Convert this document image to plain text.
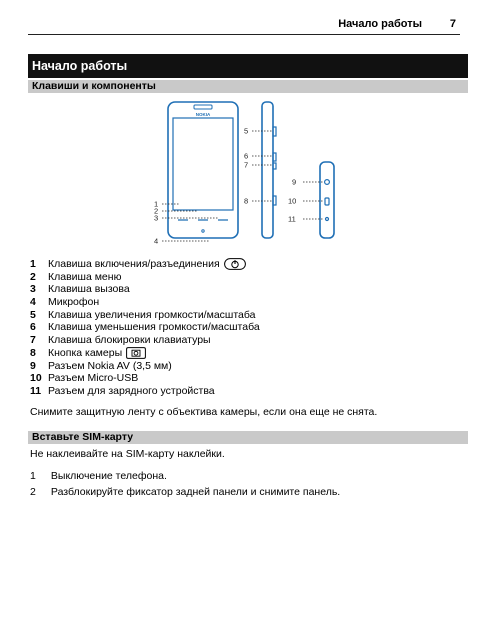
Начало работы	7
Начало работы
Клавиши и компоненты
NOKIA
1
2
3
4
5
6
7
8
9
10
11
1	Клавиша включения/разъединения
2	Клавиша меню
3	Клавиша вызова
4	Микрофон
5	Клавиша увеличения громкости/масштаба
6	Клавиша уменьшения громкости/масштаба
7	Клавиша блокировки клавиатуры
8	Кнопка камеры
9	Разъем Nokia AV (3,5 мм)
10 Разъем Micro-USB
11 Разъем для зарядного устройства
Снимите защитную ленту с объектива камеры, если она еще не снята.
Вставьте SIM-карту
Не наклеивайте на SIM-карту наклейки.
1 Выключение телефона.
2 Разблокируйте фиксатор задней панели и снимите панель.
